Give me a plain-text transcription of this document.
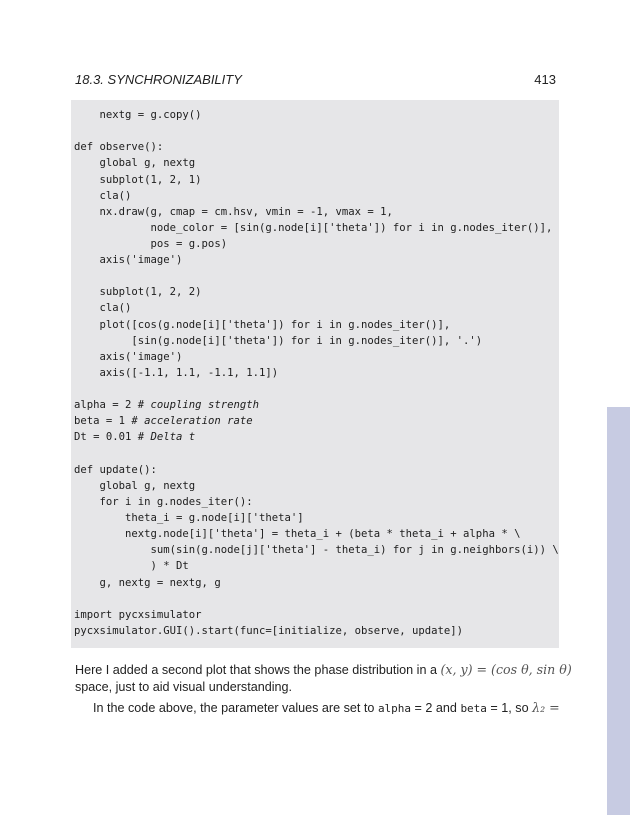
18.3. SYNCHRONIZABILITY	413
nextg = g.copy()
def observe():
global g, nextg
subplot(1, 2, 1)
cla()
nx.draw(g, cmap = cm.hsv, vmin = -1, vmax = 1,
node_color = [sin(g.node[i]['theta']) for i in g.nodes_iter()],
pos = g.pos)
axis('image')
subplot(1, 2, 2)
cla()
plot([cos(g.node[i]['theta']) for i in g.nodes_iter()],
[sin(g.node[i]['theta']) for i in g.nodes_iter()], '.')
axis('image')
axis([-1.1, 1.1, -1.1, 1.1])
alpha = 2 # coupling strength
beta = 1 # acceleration rate
Dt = 0.01 # Delta t
def update():
global g, nextg
for i in g.nodes_iter():
theta_i = g.node[i]['theta']
nextg.node[i]['theta'] = theta_i + (beta * theta_i + alpha * \
sum(sin(g.node[j]['theta'] - theta_i) for j in g.neighbors(i)) \
) * Dt
g, nextg = nextg, g
import pycxsimulator
pycxsimulator.GUI().start(func=[initialize, observe, update])
Here I added a second plot that shows the phase distribution in a (x, y) = (cos θ, sin θ)
space, just to aid visual understanding.
In the code above, the parameter values are set to alpha = 2 and beta = 1, so λ₂ =
